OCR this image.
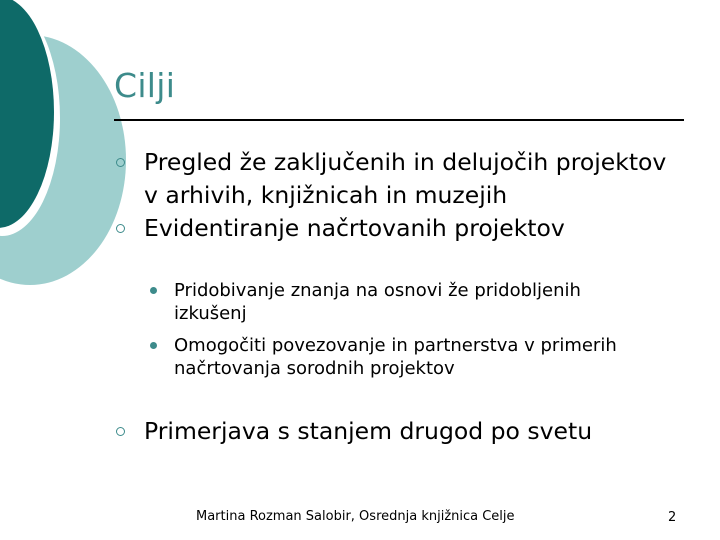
Cilji
Pregled že zaključenih in delujočih projektov v arhivih, knjižnicah in muzejih
Evidentiranje načrtovanih projektov
Pridobivanje znanja na osnovi že pridobljenih izkušenj
Omogočiti povezovanje in partnerstva v primerih načrtovanja sorodnih projektov
Primerjava s stanjem drugod po svetu
Martina Rozman Salobir, Osrednja knjižnica Celje	2
